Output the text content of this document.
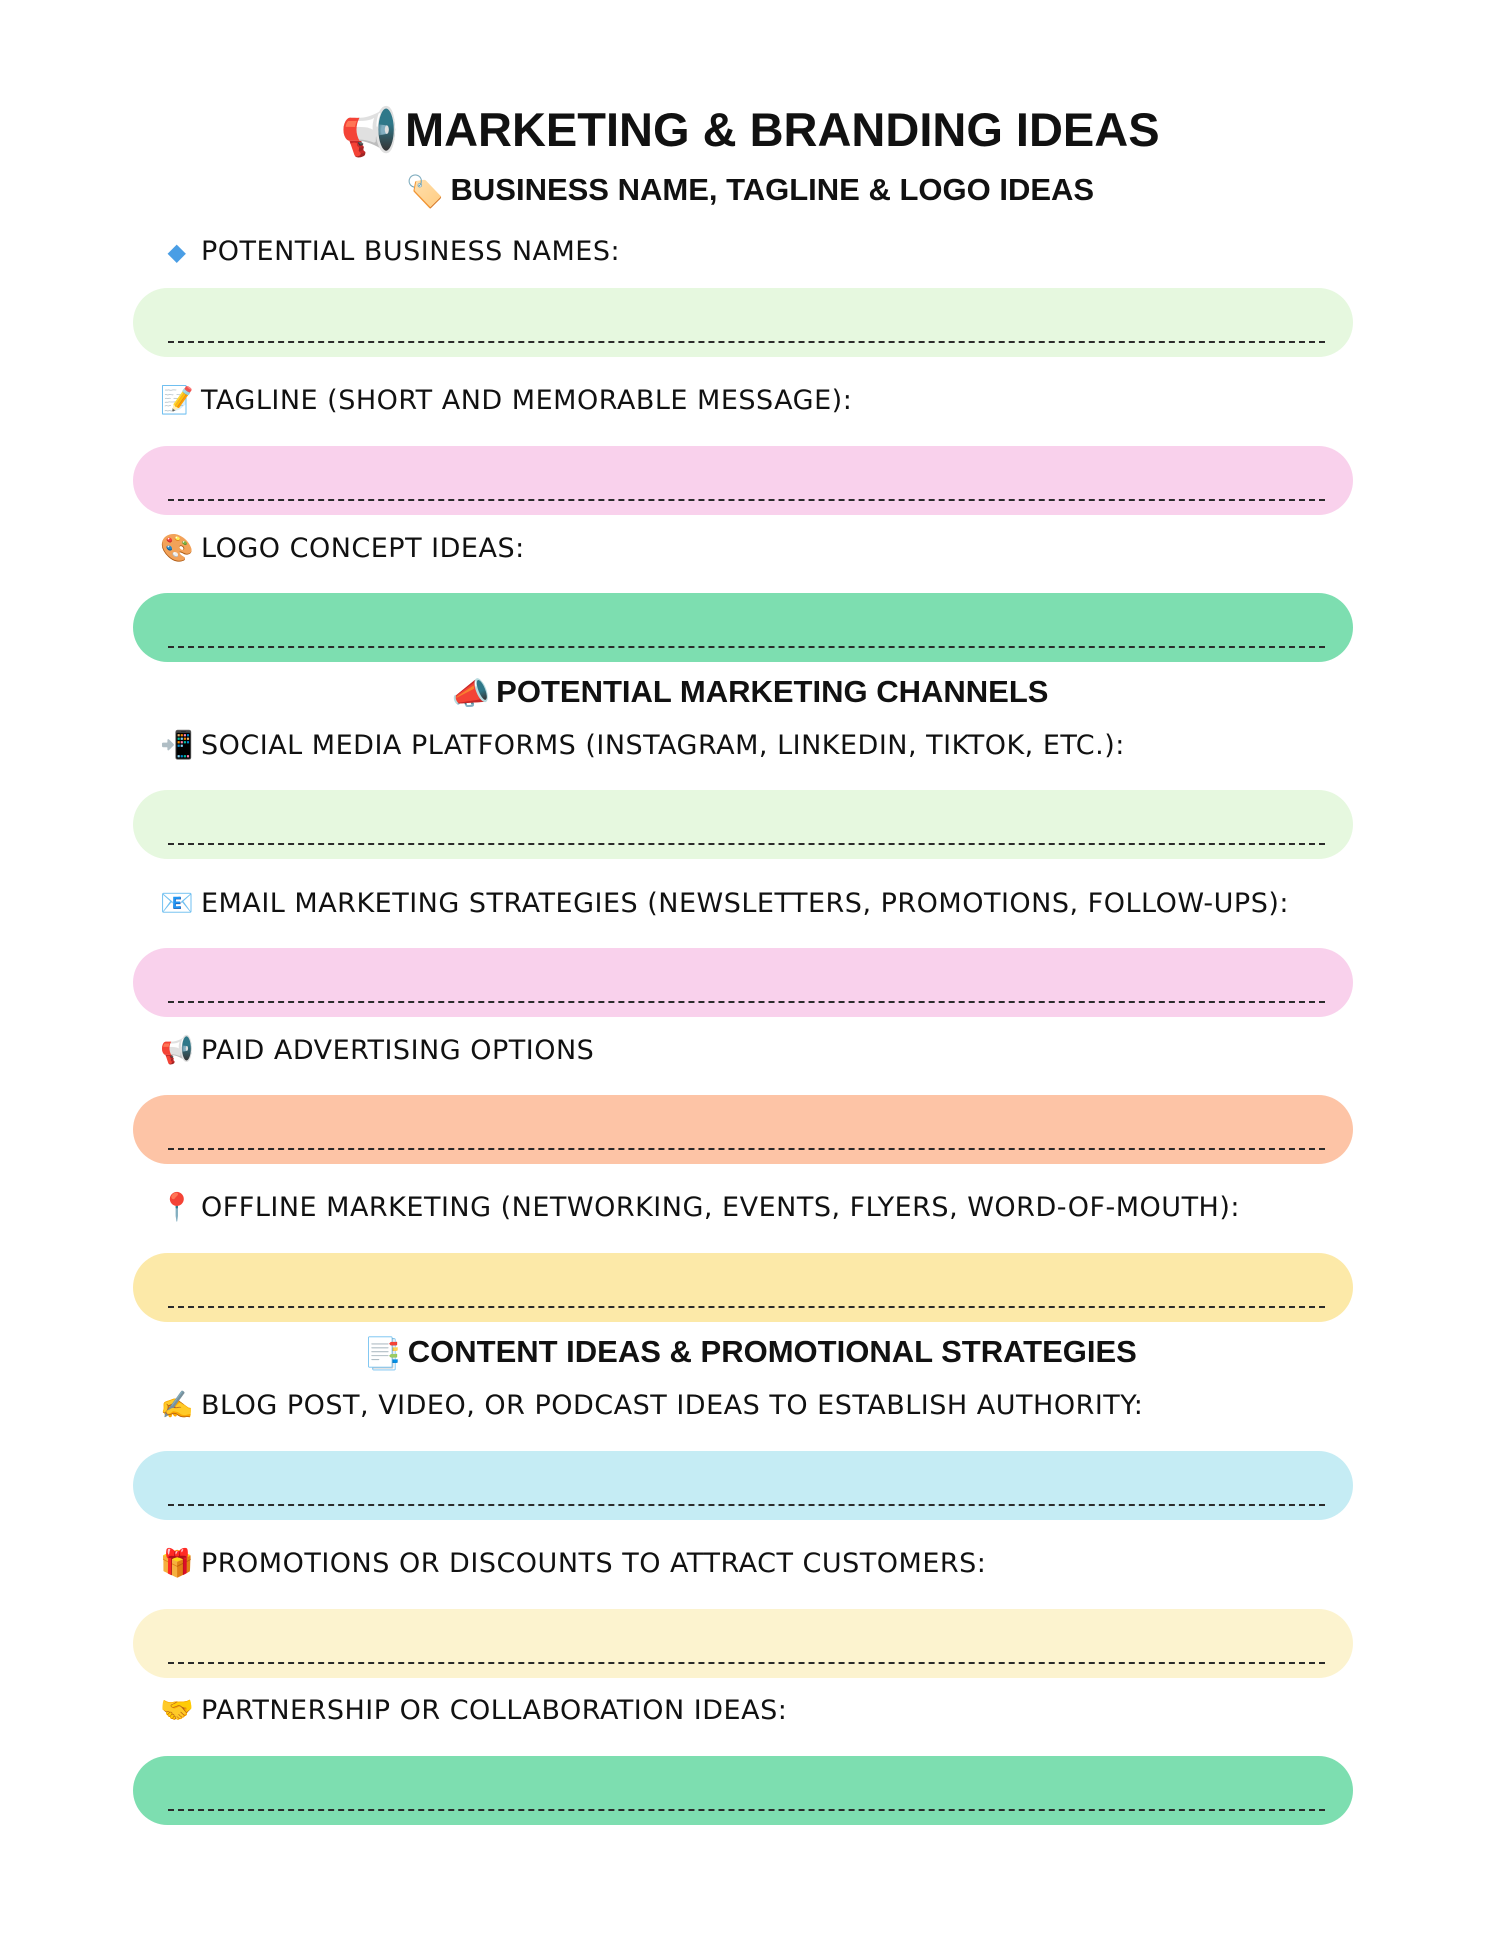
📢 MARKETING & BRANDING IDEAS
🏷️ BUSINESS NAME, TAGLINE & LOGO IDEAS
◆ POTENTIAL BUSINESS NAMES:
📝 TAGLINE (SHORT AND MEMORABLE MESSAGE):
🎨 LOGO CONCEPT IDEAS:
📣 POTENTIAL MARKETING CHANNELS
📲 SOCIAL MEDIA PLATFORMS (INSTAGRAM, LINKEDIN, TIKTOK, ETC.):
📧 EMAIL MARKETING STRATEGIES (NEWSLETTERS, PROMOTIONS, FOLLOW-UPS):
📢 PAID ADVERTISING OPTIONS
📍 OFFLINE MARKETING (NETWORKING, EVENTS, FLYERS, WORD-OF-MOUTH):
📑 CONTENT IDEAS & PROMOTIONAL STRATEGIES
✍️ BLOG POST, VIDEO, OR PODCAST IDEAS TO ESTABLISH AUTHORITY:
🎁 PROMOTIONS OR DISCOUNTS TO ATTRACT CUSTOMERS:
🤝 PARTNERSHIP OR COLLABORATION IDEAS:
